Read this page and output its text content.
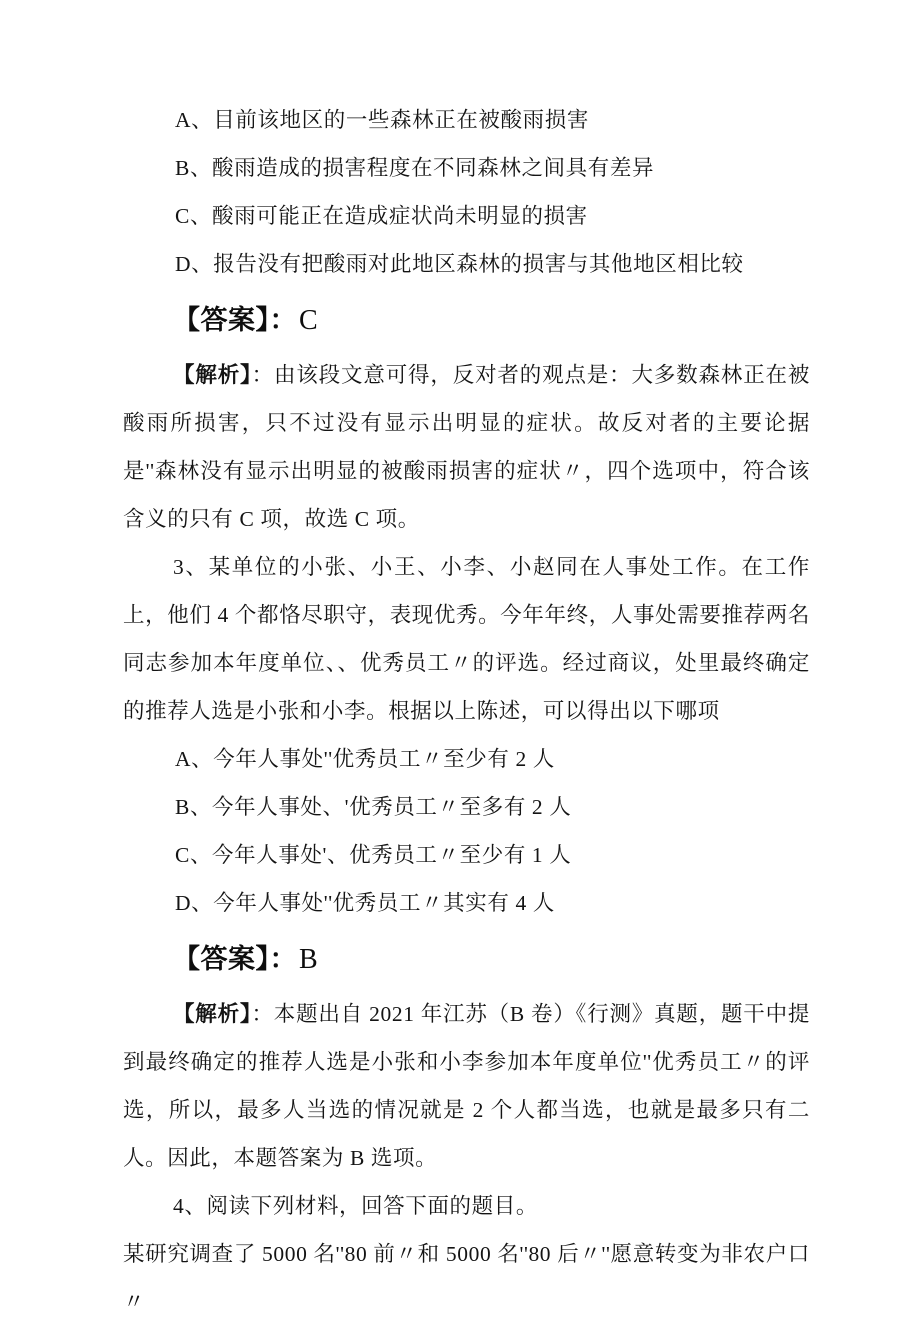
A、目前该地区的一些森林正在被酸雨损害

B、酸雨造成的损害程度在不同森林之间具有差异

C、酸雨可能正在造成症状尚未明显的损害

D、报告没有把酸雨对此地区森林的损害与其他地区相比较

【答案】：C

【解析】：由该段文意可得，反对者的观点是：大多数森林正在被酸雨所损害，只不过没有显示出明显的症状。故反对者的主要论据是''森林没有显示出明显的被酸雨损害的症状〃，四个选项中，符合该含义的只有 C 项，故选 C 项。

3、某单位的小张、小王、小李、小赵同在人事处工作。在工作上，他们 4 个都恪尽职守，表现优秀。今年年终，人事处需要推荐两名同志参加本年度单位、、优秀员工〃的评选。经过商议，处里最终确定的推荐人选是小张和小李。根据以上陈述，可以得出以下哪项

A、今年人事处''优秀员工〃至少有 2 人

B、今年人事处、'优秀员工〃至多有 2 人

C、今年人事处'、优秀员工〃至少有 1 人

D、今年人事处''优秀员工〃其实有 4 人

【答案】：B

【解析】：本题出自 2021 年江苏（B 卷）《行测》真题，题干中提到最终确定的推荐人选是小张和小李参加本年度单位''优秀员工〃的评选，所以，最多人当选的情况就是 2 个人都当选，也就是最多只有二人。因此，本题答案为 B 选项。

4、阅读下列材料，回答下面的题目。

某研究调查了 5000 名''80 前〃和 5000 名''80 后〃''愿意转变为非农户口〃
